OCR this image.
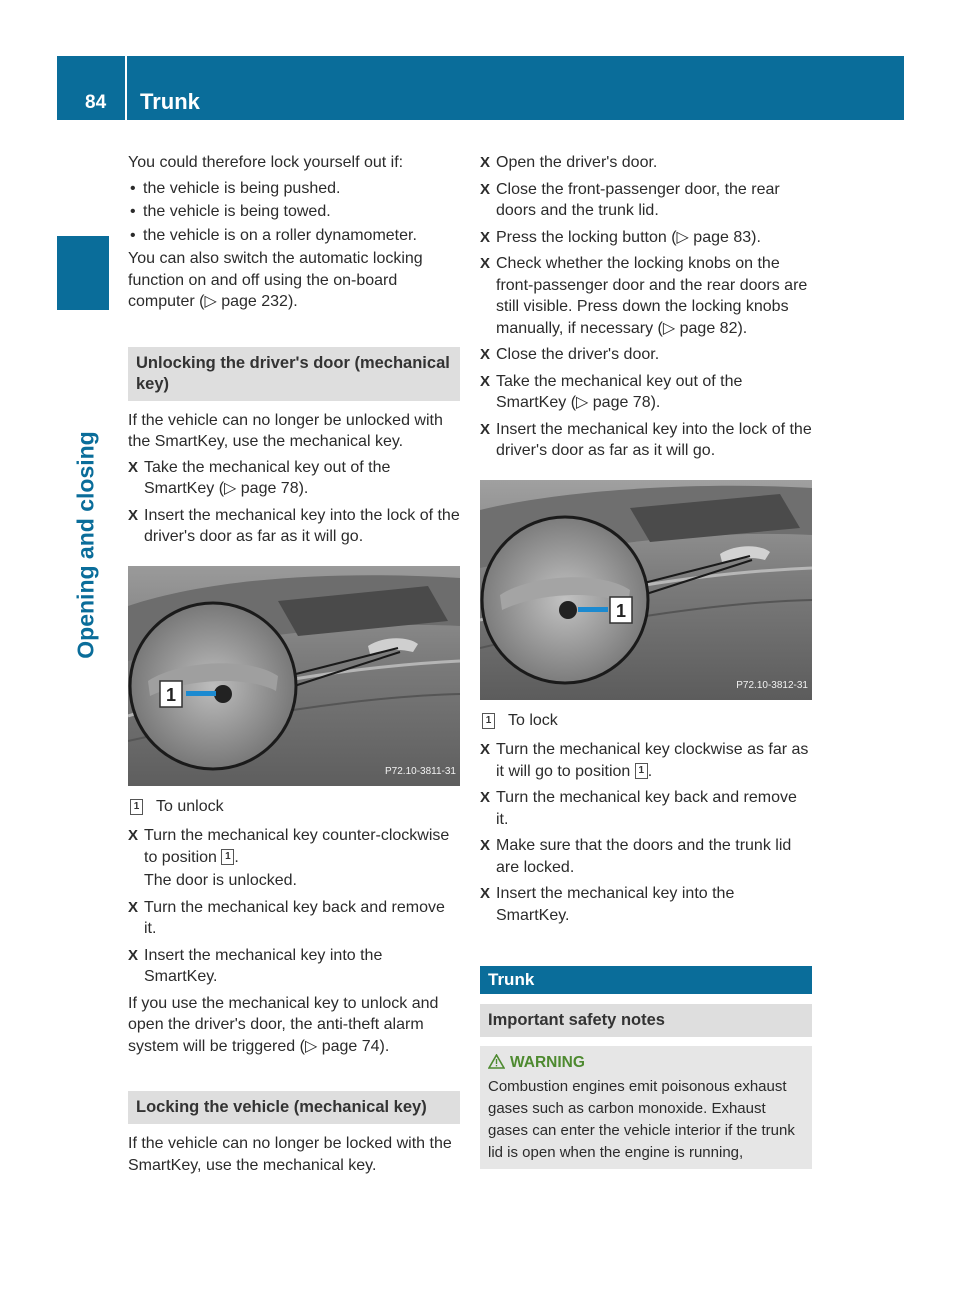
84 Trunk
Opening and closing

You could therefore lock yourself out if:

• the vehicle is being pushed.
• the vehicle is being towed.
• the vehicle is on a roller dynamometer.

You can also switch the automatic locking function on and off using the on-board computer (▷ page 232).

Unlocking the driver's door (mechanical key)

If the vehicle can no longer be unlocked with the SmartKey, use the mechanical key.

X Take the mechanical key out of the SmartKey (▷ page 78).
X Insert the mechanical key into the lock of the driver's door as far as it will go.
1
P72.10-3811-31
1 To unlock
X Turn the mechanical key counter-clockwise to position 1 .
The door is unlocked.
X Turn the mechanical key back and remove it.
X Insert the mechanical key into the SmartKey.

If you use the mechanical key to unlock and open the driver's door, the anti-theft alarm system will be triggered (▷ page 74).

Locking the vehicle (mechanical key)

If the vehicle can no longer be locked with the SmartKey, use the mechanical key.

X Open the driver's door.
X Close the front-passenger door, the rear doors and the trunk lid.
X Press the locking button (▷ page 83).
X Check whether the locking knobs on the front-passenger door and the rear doors are still visible. Press down the locking knobs manually, if necessary (▷ page 82).
X Close the driver's door.
X Take the mechanical key out of the SmartKey (▷ page 78).
X Insert the mechanical key into the lock of the driver's door as far as it will go.
1
P72.10-3812-31
1 To lock
X Turn the mechanical key clockwise as far as it will go to position 1 .
X Turn the mechanical key back and remove it.
X Make sure that the doors and the trunk lid are locked.
X Insert the mechanical key into the SmartKey.
Trunk
Important safety notes
WARNING
Combustion engines emit poisonous exhaust gases such as carbon monoxide. Exhaust gases can enter the vehicle interior if the trunk lid is open when the engine is running,
